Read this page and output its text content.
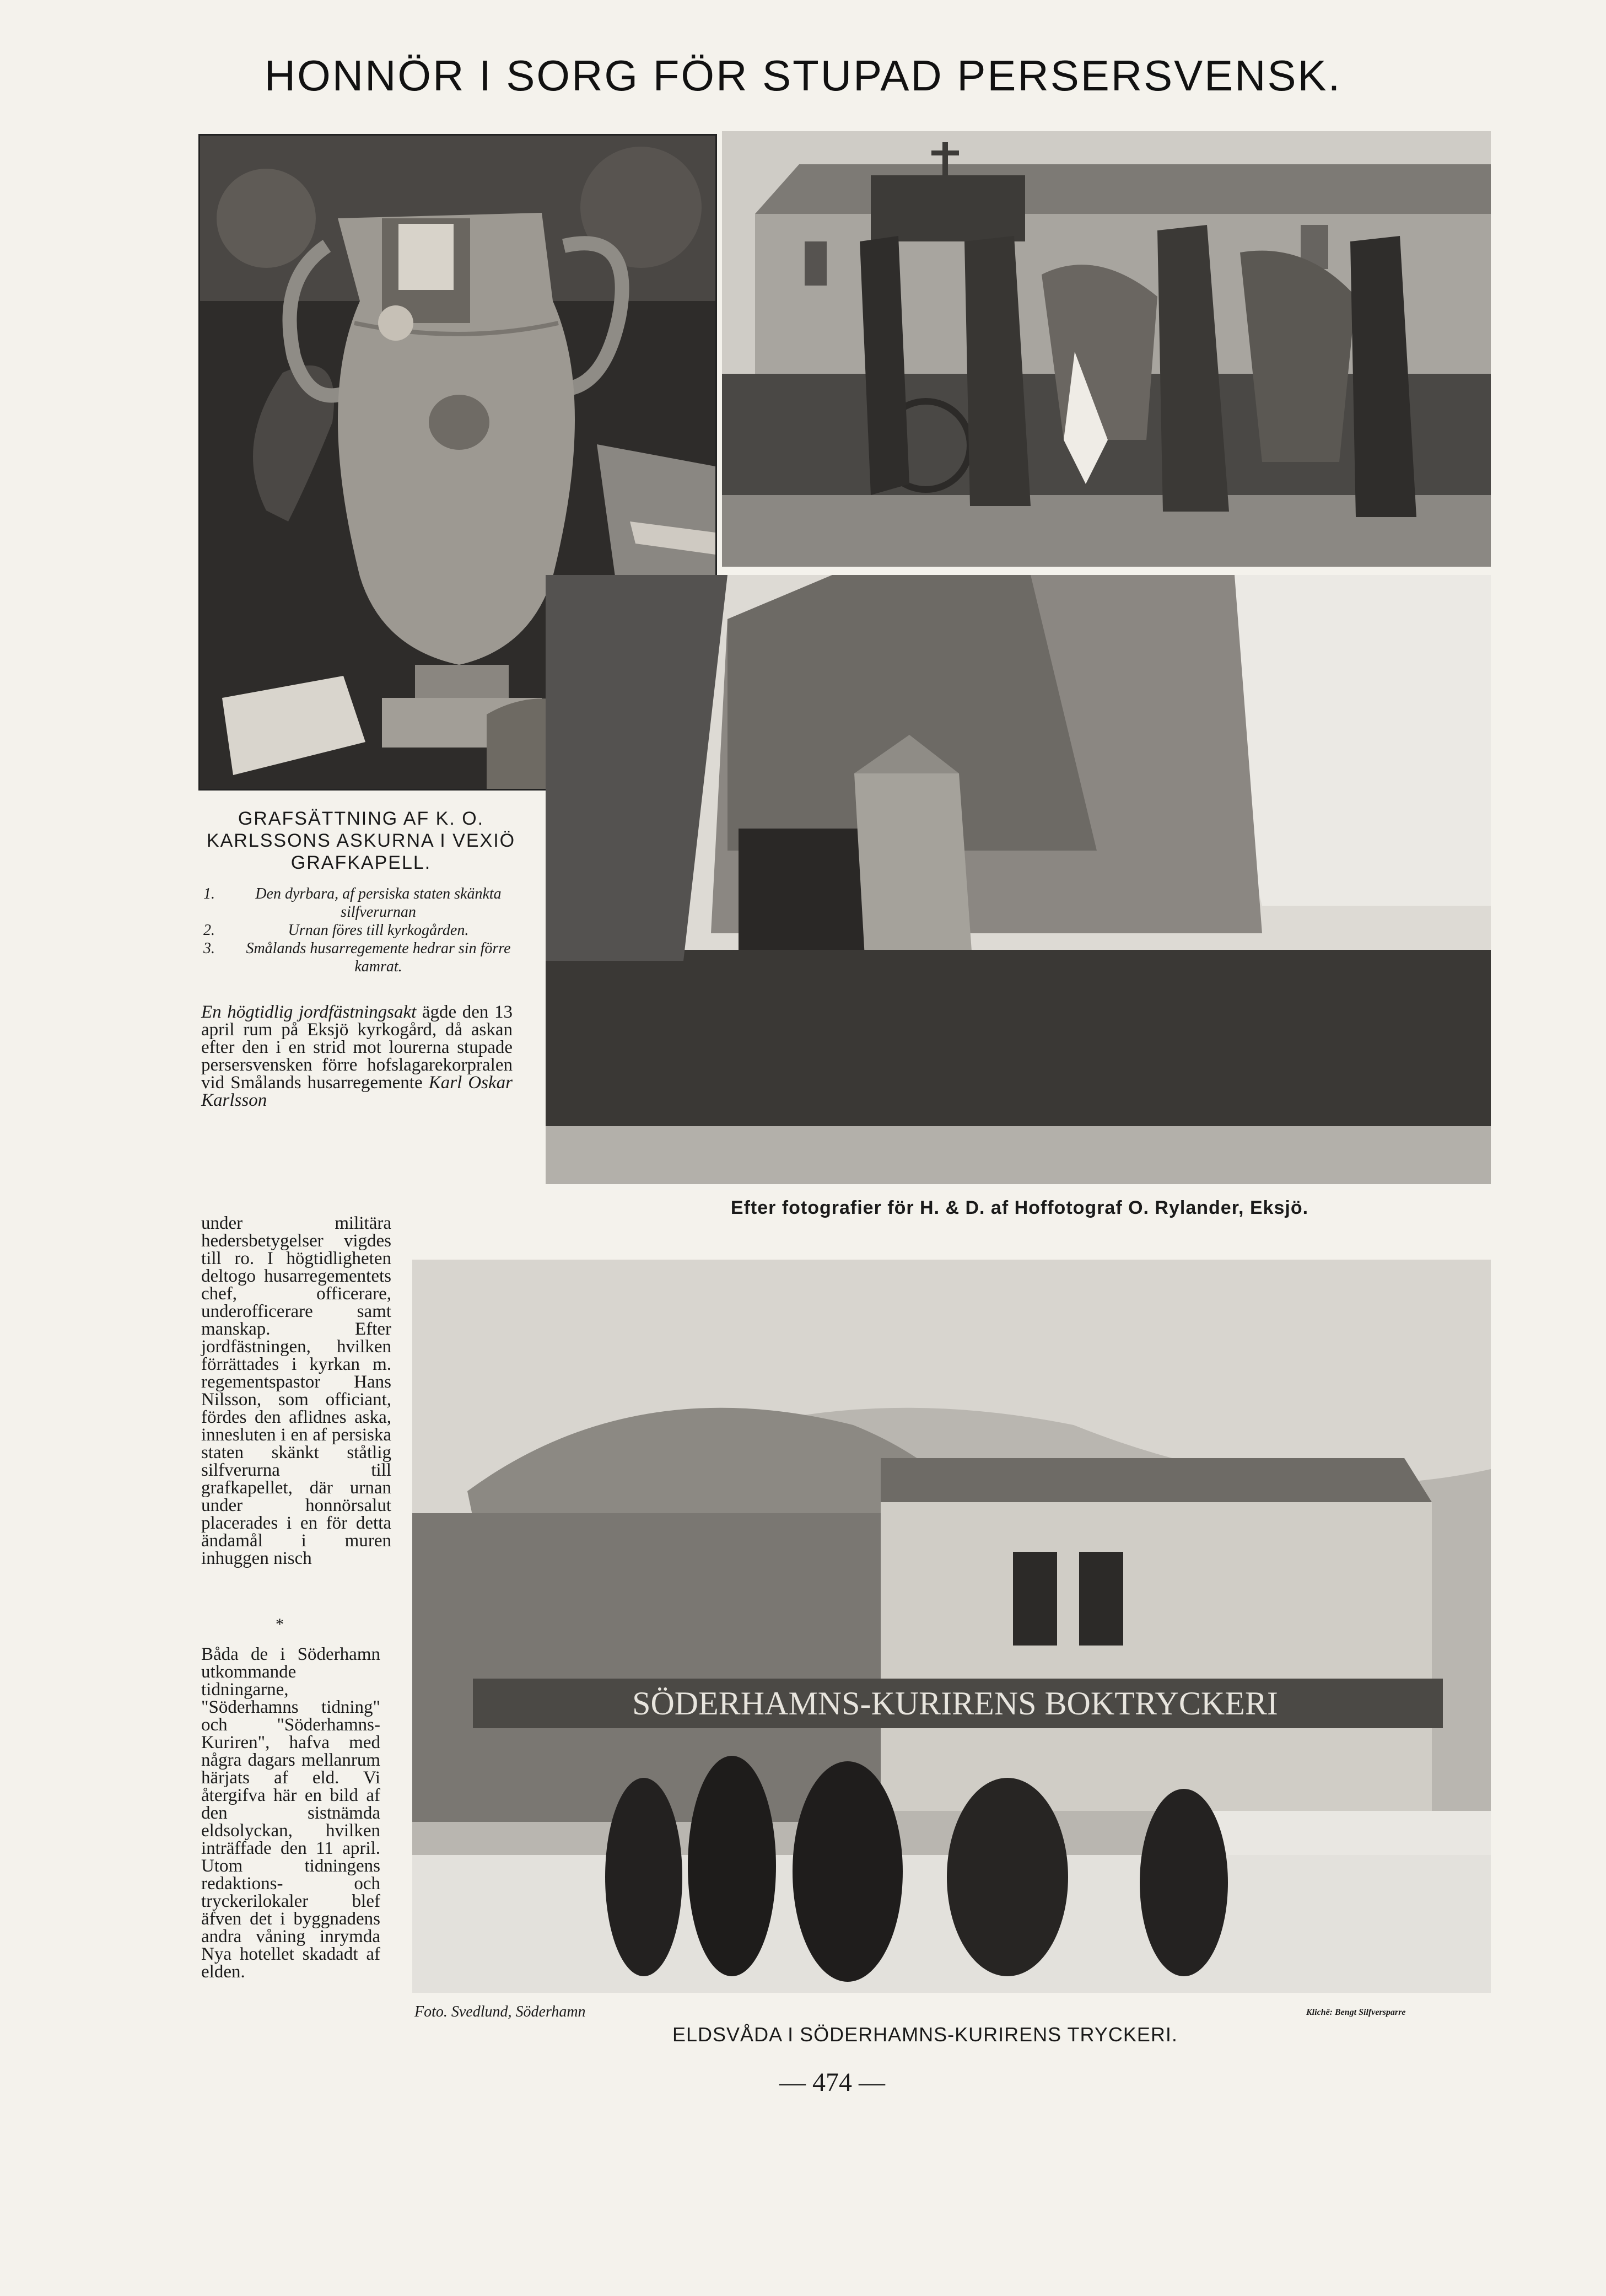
HONNÖR I SORG FÖR STUPAD PERSERSVENSK.
SÖDERHAMNS-KURIRENS BOKTRYCKERI
GRAFSÄTTNING AF K. O. KARLSSONS ASKURNA I VEXIÖ GRAFKAPELL.
1.	Den dyrbara, af persiska staten skänkta silfverurnan
2.	Urnan föres till kyrkogården.
3.	Smålands husarregemente hedrar sin förre kamrat.
Efter fotografier för H. & D. af Hoffotograf O. Rylander, Eksjö.
En högtidlig jordfästningsakt ägde den 13 april rum på Eksjö kyrkogård, då askan efter den i en strid mot lourerna stupade persersvensken förre hofslagarekorpralen vid Smålands husarregemente Karl Oskar Karlsson
under militära hedersbetygelser vigdes till ro. I högtidligheten deltogo husarregementets chef, officerare, underofficerare samt manskap. Efter jordfästningen, hvilken förrättades i kyrkan m. regementspastor Hans Nilsson, som officiant, fördes den aflidnes aska, innesluten i en af persiska staten skänkt ståtlig silfverurna till grafkapellet, där urnan under honnörsalut placerades i en för detta ändamål i muren inhuggen nisch
*
Båda de i Söderhamn utkommande tidningarne, "Söderhamns tidning" och "Söderhamns-Kuriren", hafva med några dagars mellanrum härjats af eld. Vi återgifva här en bild af den sistnämda eldsolyckan, hvilken inträffade den 11 april. Utom tidningens redaktions- och tryckerilokaler blef äfven det i byggnadens andra våning inrymda Nya hotellet skadadt af elden.
Foto. Svedlund, Söderhamn
ELDSVÅDA I SÖDERHAMNS-KURIRENS TRYCKERI.
Klichê: Bengt Silfversparre
— 474 —
